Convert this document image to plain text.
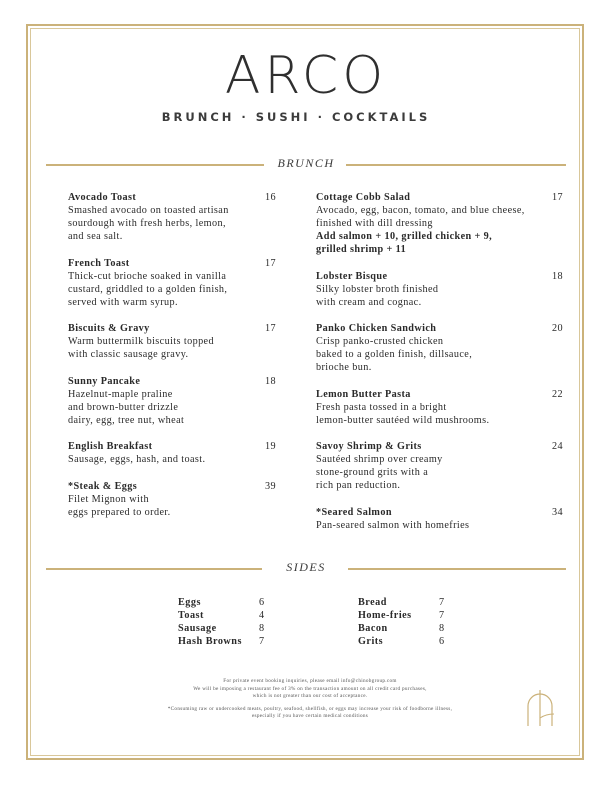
ARCO
BRUNCH · SUSHI · COCKTAILS
BRUNCH
Avocado Toast	16
Smashed avocado on toasted artisan
sourdough with fresh herbs, lemon,
and sea salt.
French Toast	17
Thick-cut brioche soaked in vanilla
custard, griddled to a golden finish,
served with warm syrup.
Biscuits & Gravy	17
Warm buttermilk biscuits topped
with classic sausage gravy.
Sunny Pancake	18
Hazelnut-maple praline
and brown-butter drizzle
dairy, egg, tree nut, wheat
English Breakfast	19
Sausage, eggs, hash, and toast.
*Steak & Eggs	39
Filet Mignon with
eggs prepared to order.
Cottage Cobb Salad	17
Avocado, egg, bacon, tomato, and blue cheese,
finished with dill dressing
Add salmon + 10, grilled chicken + 9,
grilled shrimp + 11
Lobster Bisque	18
Silky lobster broth finished
with cream and cognac.
Panko Chicken Sandwich	20
Crisp panko-crusted chicken
baked to a golden finish, dillsauce,
brioche bun.
Lemon Butter Pasta	22
Fresh pasta tossed in a bright
lemon-butter sautéed wild mushrooms.
Savoy Shrimp & Grits	24
Sautéed shrimp over creamy
stone-ground grits with a
rich pan reduction.
*Seared Salmon	34
Pan-seared salmon with homefries
SIDES
Eggs	6
Toast	4
Sausage	8
Hash Browns 7
Bread	7
Home-fries	7
Bacon	8
Grits	6
For private event booking inquiries, please email info@chinobgroup.com
We will be imposing a restaurant fee of 3% on the transaction amount on all credit card purchases,
which is not greater than our cost of acceptance.
*Consuming raw or undercooked meats, poultry, seafood, shellfish, or eggs may increase your risk of foodborne illness,
especially if you have certain medical conditions
